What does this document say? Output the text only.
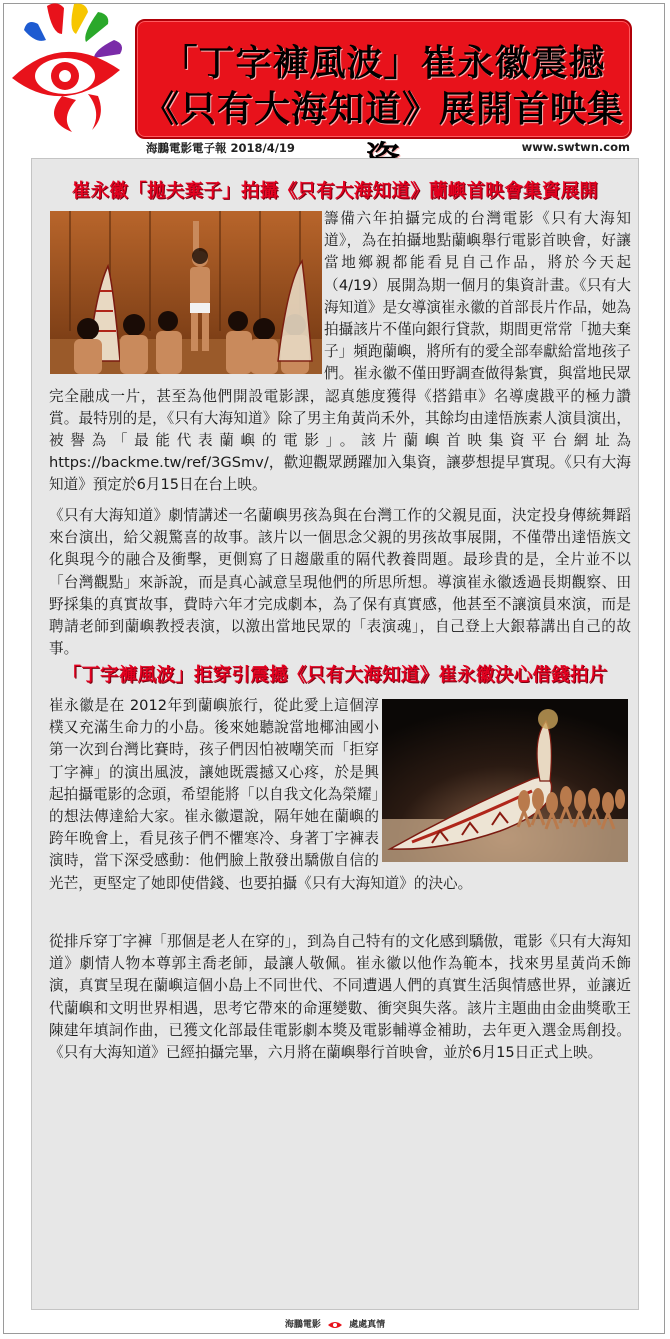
「丁字褲風波」崔永徽震撼
《只有大海知道》展開首映集
海鵬電影電子報 2018/4/19	www.swtwn.com
崔永徽「拋夫棄子」拍攝《只有大海知道》蘭嶼首映會集資展開
籌備六年拍攝完成的台灣電影《只有大海知道》，為在拍攝地點蘭嶼舉行電影首映會，好讓當地鄉親都能看見自己作品，將於今天起（4/19）展開為期一個月的集資計畫。《只有大海知道》是女導演崔永徽的首部長片作品，她為拍攝該片不僅向銀行貸款，期間更常常「拋夫棄子」頻跑蘭嶼，將所有的愛全部奉獻給當地孩子們。崔永徽不僅田野調查做得紮實，與當地民眾完全融成一片，甚至為他們開設電影課，認真態度獲得《搭錯車》名導虞戡平的極力讚賞。最特別的是，《只有大海知道》除了男主角黃尚禾外，其餘均由達悟族素人演員演出，被譽為「最能代表蘭嶼的電影」。該片蘭嶼首映集資平台網址為https://backme.tw/ref/3GSmv/，歡迎觀眾踴躍加入集資，讓夢想提早實現。《只有大海知道》預定於6月15日在台上映。
《只有大海知道》劇情講述一名蘭嶼男孩為與在台灣工作的父親見面，決定投身傳統舞蹈來台演出，給父親驚喜的故事。該片以一個思念父親的男孩故事展開，不僅帶出達悟族文化與現今的融合及衝擊，更側寫了日趨嚴重的隔代教養問題。最珍貴的是，全片並不以「台灣觀點」來訴說，而是真心誠意呈現他們的所思所想。導演崔永徽透過長期觀察、田野採集的真實故事，費時六年才完成劇本，為了保有真實感，他甚至不讓演員來演，而是聘請老師到蘭嶼教授表演，以激出當地民眾的「表演魂」，自己登上大銀幕講出自己的故事。
「丁字褲風波」拒穿引震撼《只有大海知道》崔永徽決心借錢拍片
崔永徽是在 2012年到蘭嶼旅行，從此愛上這個淳樸又充滿生命力的小島。後來她聽說當地椰油國小第一次到台灣比賽時，孩子們因怕被嘲笑而「拒穿丁字褲」的演出風波，讓她既震撼又心疼，於是興起拍攝電影的念頭，希望能將「以自我文化為榮耀」的想法傳達給大家。崔永徽還說，隔年她在蘭嶼的跨年晚會上，看見孩子們不懼寒冷、身著丁字褲表演時，當下深受感動：他們臉上散發出驕傲自信的光芒，更堅定了她即使借錢、也要拍攝《只有大海知道》的決心。
從排斥穿丁字褲「那個是老人在穿的」，到為自己特有的文化感到驕傲，電影《只有大海知道》劇情人物本尊郭主喬老師，最讓人敬佩。崔永徽以他作為範本，找來男星黃尚禾飾演，真實呈現在蘭嶼這個小島上不同世代、不同遭遇人們的真實生活與情感世界，並讓近代蘭嶼和文明世界相遇，思考它帶來的命運變數、衝突與失落。該片主題曲由金曲獎歌王陳建年填詞作曲，已獲文化部最佳電影劇本獎及電影輔導金補助，去年更入選金馬創投。《只有大海知道》已經拍攝完畢，六月將在蘭嶼舉行首映會，並於6月15日正式上映。
海鵬電影	處處真情
